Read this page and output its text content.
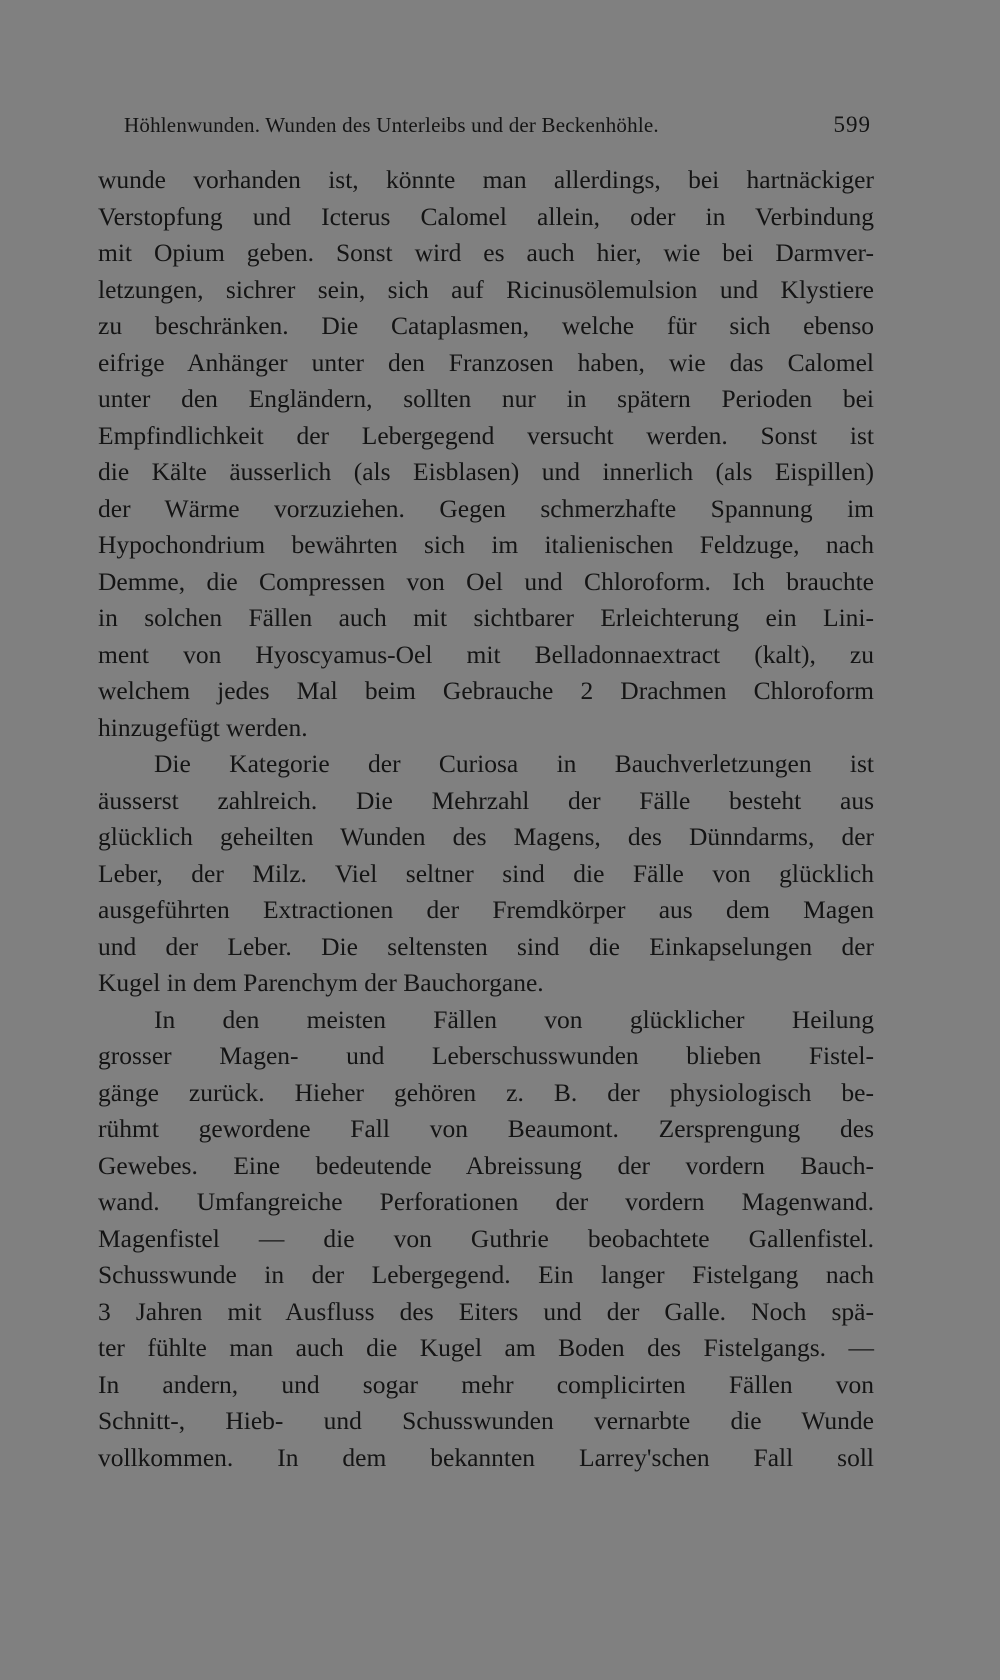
Höhlenwunden. Wunden des Unterleibs und der Beckenhöhle.	599
wunde vorhanden ist, könnte man allerdings, bei hartnäckiger
Verstopfung und Icterus Calomel allein, oder in Verbindung
mit Opium geben. Sonst wird es auch hier, wie bei Darmver-
letzungen, sichrer sein, sich auf Ricinusölemulsion und Klystiere
zu beschränken. Die Cataplasmen, welche für sich ebenso
eifrige Anhänger unter den Franzosen haben, wie das Calomel
unter den Engländern, sollten nur in spätern Perioden bei
Empfindlichkeit der Lebergegend versucht werden. Sonst ist
die Kälte äusserlich (als Eisblasen) und innerlich (als Eispillen)
der Wärme vorzuziehen. Gegen schmerzhafte Spannung im
Hypochondrium bewährten sich im italienischen Feldzuge, nach
Demme, die Compressen von Oel und Chloroform. Ich brauchte
in solchen Fällen auch mit sichtbarer Erleichterung ein Lini-
ment von Hyoscyamus-Oel mit Belladonnaextract (kalt), zu
welchem jedes Mal beim Gebrauche 2 Drachmen Chloroform
hinzugefügt werden.
Die Kategorie der Curiosa in Bauchverletzungen ist
äusserst zahlreich. Die Mehrzahl der Fälle besteht aus
glücklich geheilten Wunden des Magens, des Dünndarms, der
Leber, der Milz. Viel seltner sind die Fälle von glücklich
ausgeführten Extractionen der Fremdkörper aus dem Magen
und der Leber. Die seltensten sind die Einkapselungen der
Kugel in dem Parenchym der Bauchorgane.
In den meisten Fällen von glücklicher Heilung
grosser Magen- und Leberschusswunden blieben Fistel-
gänge zurück. Hieher gehören z. B. der physiologisch be-
rühmt gewordene Fall von Beaumont. Zersprengung des
Gewebes. Eine bedeutende Abreissung der vordern Bauch-
wand. Umfangreiche Perforationen der vordern Magenwand.
Magenfistel — die von Guthrie beobachtete Gallenfistel.
Schusswunde in der Lebergegend. Ein langer Fistelgang nach
3 Jahren mit Ausfluss des Eiters und der Galle. Noch spä-
ter fühlte man auch die Kugel am Boden des Fistelgangs. —
In andern, und sogar mehr complicirten Fällen von
Schnitt-, Hieb- und Schusswunden vernarbte die Wunde
vollkommen. In dem bekannten Larrey'schen Fall soll
